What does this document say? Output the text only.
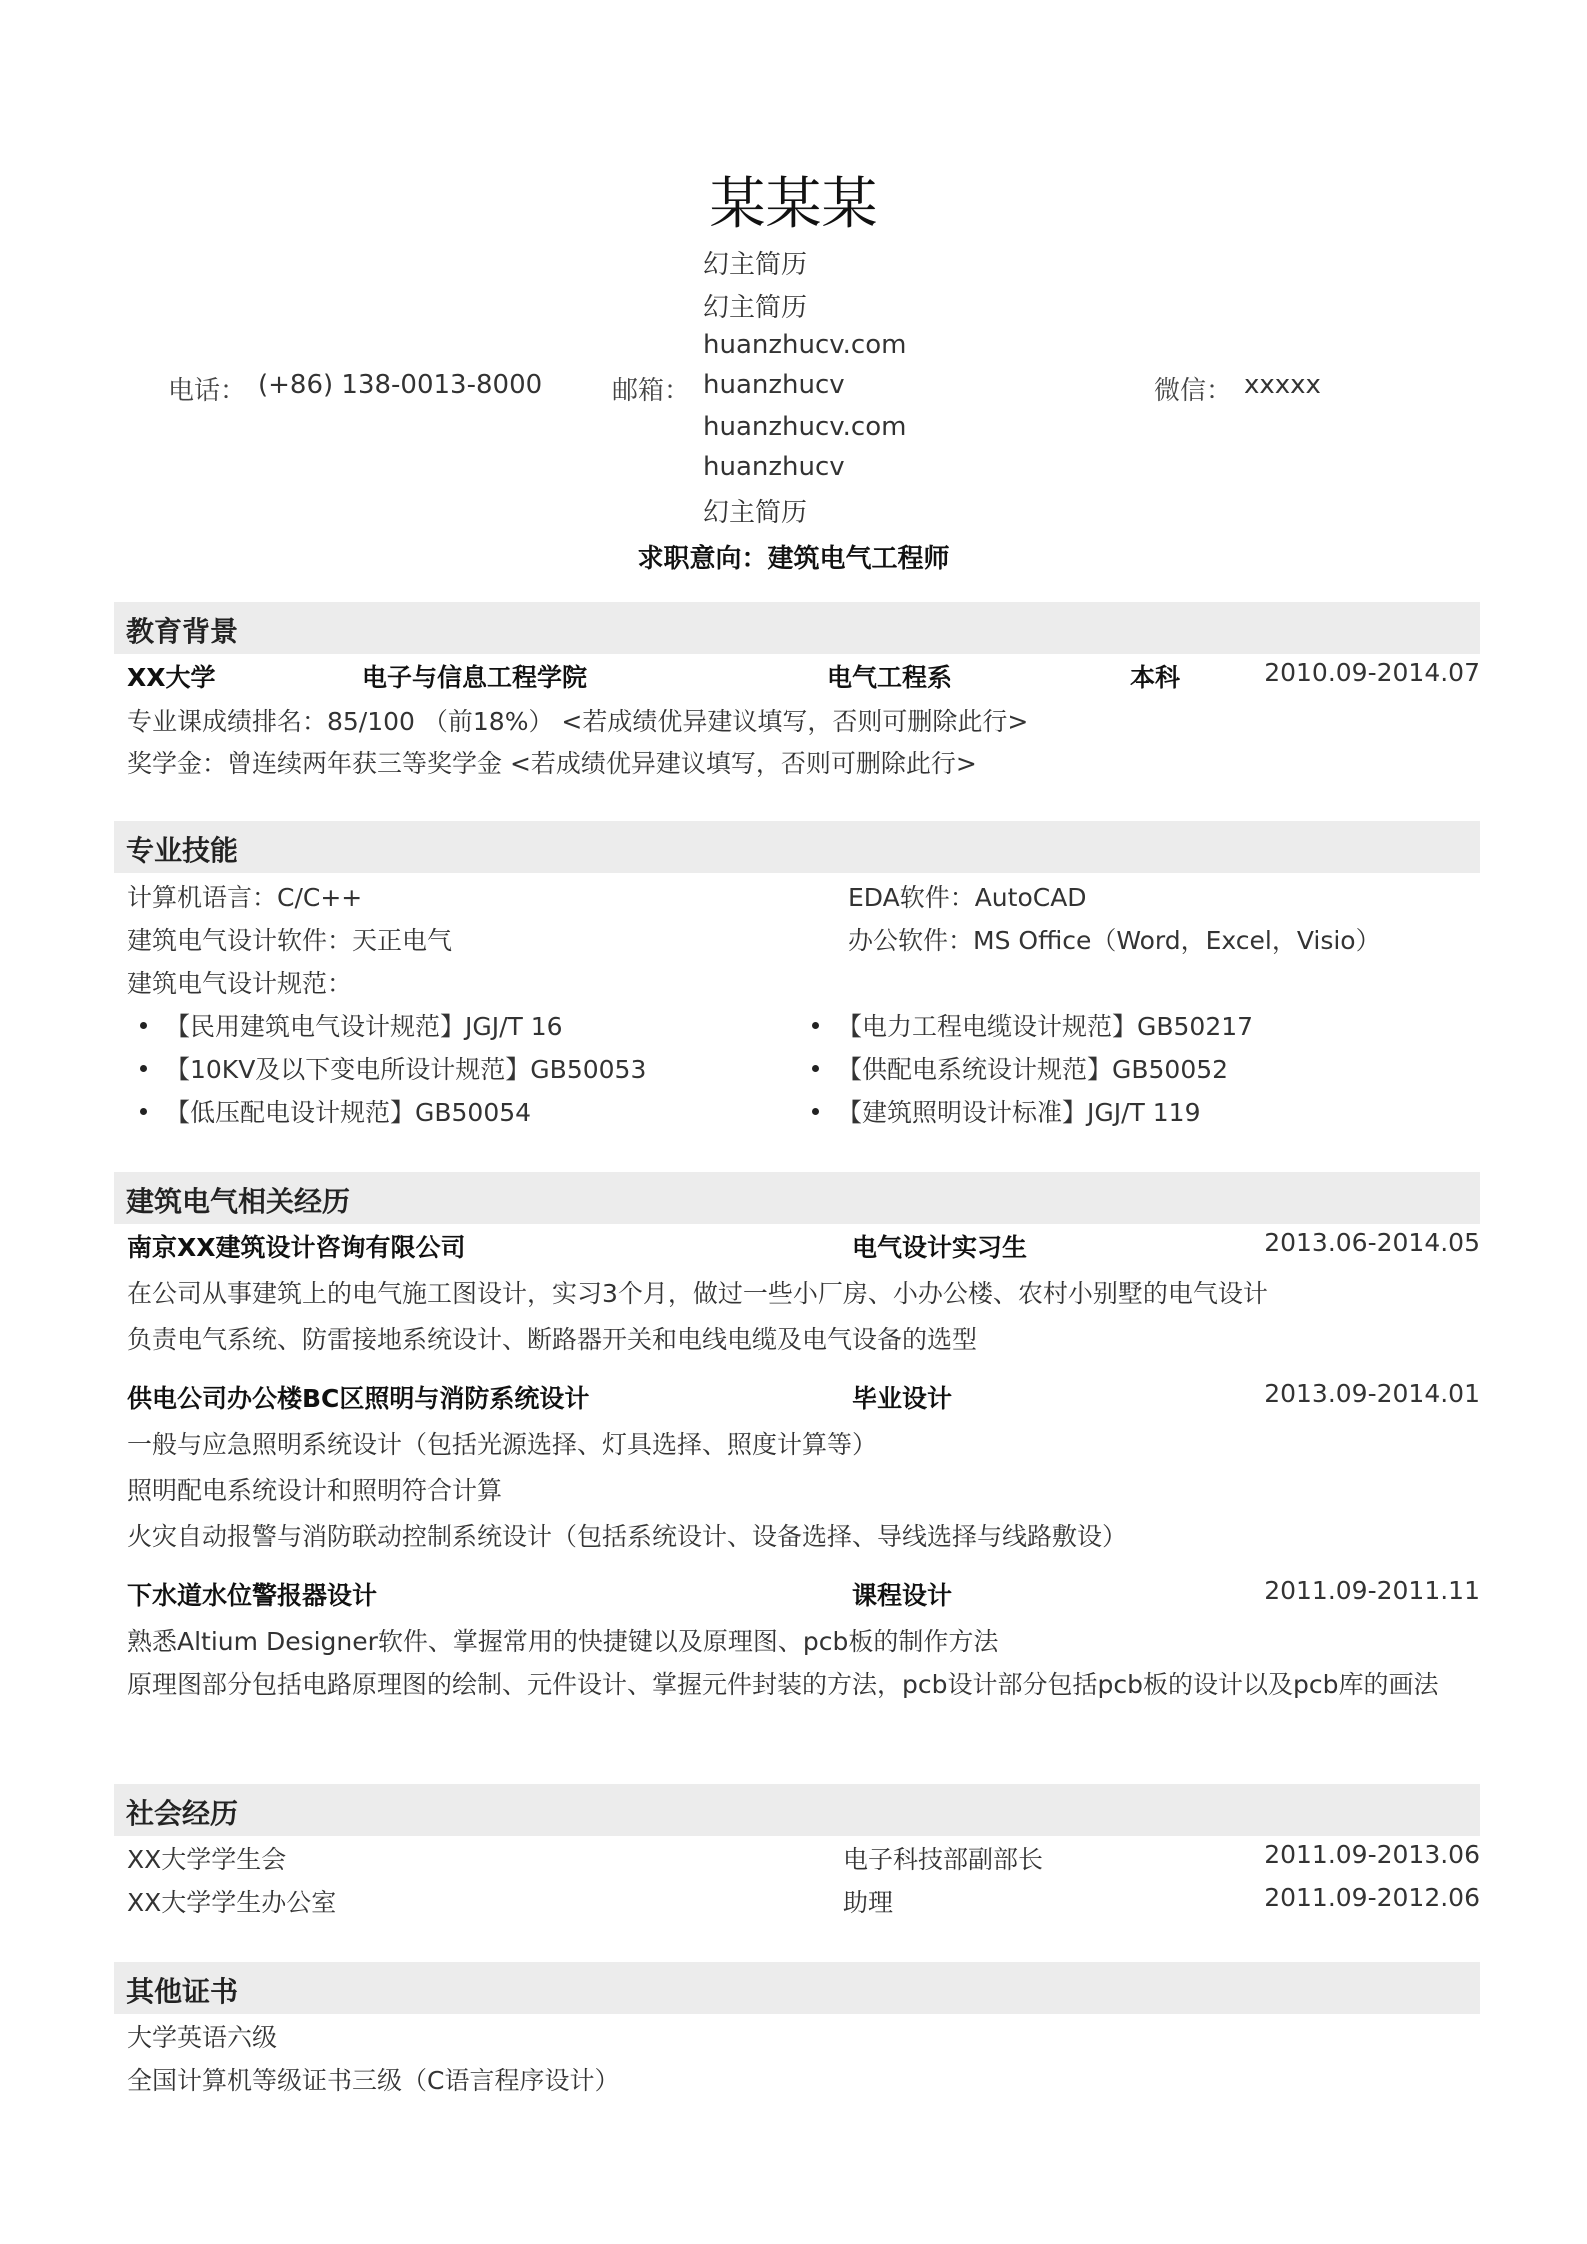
某某某
幻主简历
幻主简历
huanzhucv.com
huanzhucv
huanzhucv.com
huanzhucv
幻主简历
电话： (+86) 138-0013-8000	邮箱：	微信： xxxxx
求职意向：建筑电气工程师
教育背景
XX大学	电子与信息工程学院	电气工程系	本科	2010.09-2014.07
专业课成绩排名：85/100 （前18%） <若成绩优异建议填写，否则可删除此行>
奖学金：曾连续两年获三等奖学金 <若成绩优异建议填写，否则可删除此行>
专业技能
计算机语言：C/C++	EDA软件：AutoCAD
建筑电气设计软件：天正电气	办公软件：MS Office（Word，Excel，Visio）
建筑电气设计规范：
【民用建筑电气设计规范】JGJ/T 16
【10KV及以下变电所设计规范】GB50053
【低压配电设计规范】GB50054
【电力工程电缆设计规范】GB50217
【供配电系统设计规范】GB50052
【建筑照明设计标准】JGJ/T 119
建筑电气相关经历
南京XX建筑设计咨询有限公司	电气设计实习生	2013.06-2014.05
在公司从事建筑上的电气施工图设计，实习3个月，做过一些小厂房、小办公楼、农村小别墅的电气设计
负责电气系统、防雷接地系统设计、断路器开关和电线电缆及电气设备的选型
供电公司办公楼BC区照明与消防系统设计	毕业设计	2013.09-2014.01
一般与应急照明系统设计（包括光源选择、灯具选择、照度计算等）
照明配电系统设计和照明符合计算
火灾自动报警与消防联动控制系统设计（包括系统设计、设备选择、导线选择与线路敷设）
下水道水位警报器设计	课程设计	2011.09-2011.11
熟悉Altium Designer软件、掌握常用的快捷键以及原理图、pcb板的制作方法
原理图部分包括电路原理图的绘制、元件设计、掌握元件封装的方法，pcb设计部分包括pcb板的设计以及pcb库的画法
社会经历
XX大学学生会	电子科技部副部长	2011.09-2013.06
XX大学学生办公室	助理	2011.09-2012.06
其他证书
大学英语六级
全国计算机等级证书三级（C语言程序设计）
